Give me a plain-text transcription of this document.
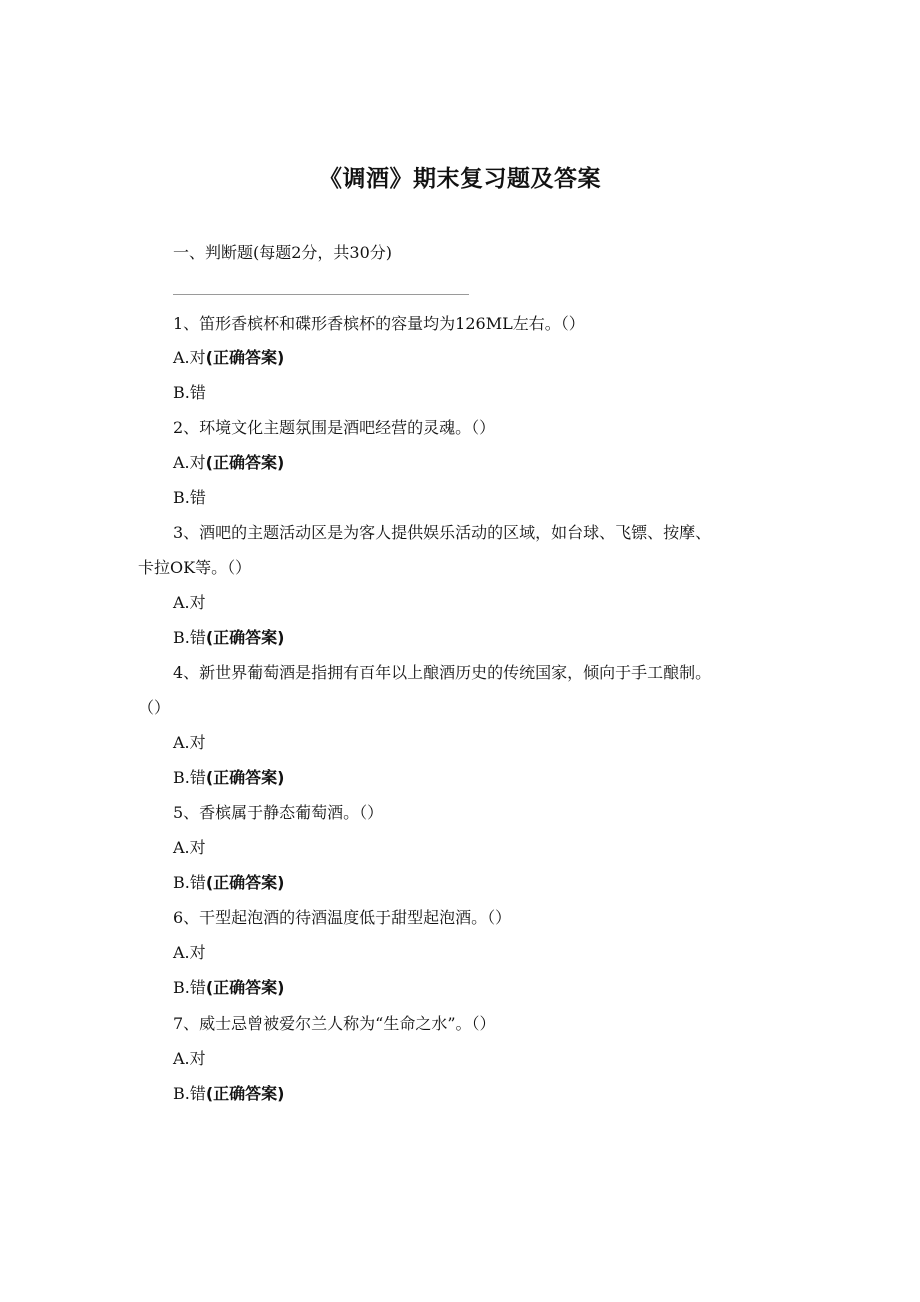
《调酒》期末复习题及答案
一、判断题(每题2分，共30分)
1、笛形香槟杯和碟形香槟杯的容量均为126ML左右。（）
A.对(正确答案)
B.错
2、环境文化主题氛围是酒吧经营的灵魂。（）
A.对(正确答案)
B.错
3、酒吧的主题活动区是为客人提供娱乐活动的区域，如台球、飞镖、按摩、
卡拉OK等。（）
A.对
B.错(正确答案)
4、新世界葡萄酒是指拥有百年以上酿酒历史的传统国家，倾向于手工酿制。
（）
A.对
B.错(正确答案)
5、香槟属于静态葡萄酒。（）
A.对
B.错(正确答案)
6、干型起泡酒的待酒温度低于甜型起泡酒。（）
A.对
B.错(正确答案)
7、威士忌曾被爱尔兰人称为“生命之水”。（）
A.对
B.错(正确答案)
